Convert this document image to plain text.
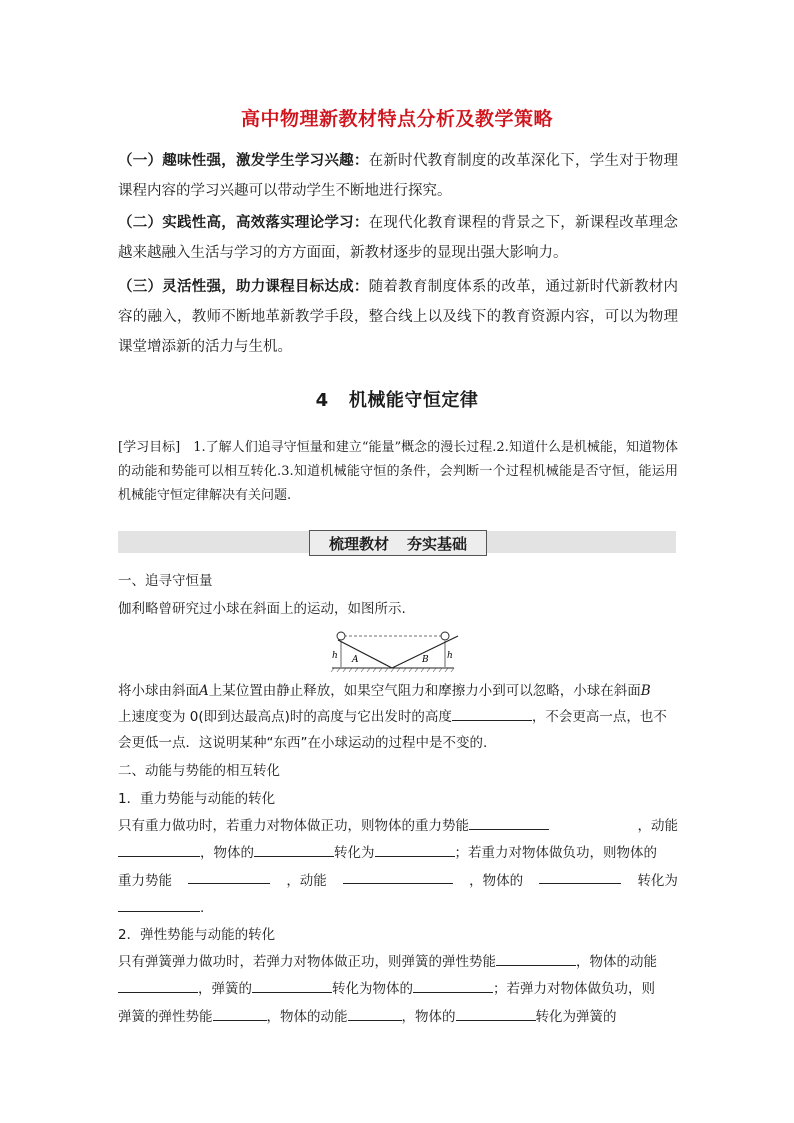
高中物理新教材特点分析及教学策略
（一）趣味性强，激发学生学习兴趣：在新时代教育制度的改革深化下，学生对于物理课程内容的学习兴趣可以带动学生不断地进行探究。
（二）实践性高，高效落实理论学习：在现代化教育课程的背景之下，新课程改革理念越来越融入生活与学习的方方面面，新教材逐步的显现出强大影响力。
（三）灵活性强，助力课程目标达成：随着教育制度体系的改革，通过新时代新教材内容的融入，教师不断地革新教学手段，整合线上以及线下的教育资源内容，可以为物理课堂增添新的活力与生机。
4 机械能守恒定律
[学习目标]　1.了解人们追寻守恒量和建立“能量”概念的漫长过程.2.知道什么是机械能，知道物体的动能和势能可以相互转化.3.知道机械能守恒的条件，会判断一个过程机械能是否守恒，能运用机械能守恒定律解决有关问题.
梳理教材 夯实基础
一、追寻守恒量
伽利略曾研究过小球在斜面上的运动，如图所示.
h	h
A	B
将小球由斜面A上某位置由静止释放，如果空气阻力和摩擦力小到可以忽略，小球在斜面B
上速度变为 0(即到达最高点)时的高度与它出发时的高度	，不会更高一点，也不
会更低一点．这说明某种“东西”在小球运动的过程中是不变的.
二、动能与势能的相互转化
1．重力势能与动能的转化
只有重力做功时，若重力对物体做正功，则物体的重力势能	，动能
，物体的	转化为	；若重力对物体做负功，则物体的
重力势能	，动能	，物体的	转化为
.
2．弹性势能与动能的转化
只有弹簧弹力做功时，若弹力对物体做正功，则弹簧的弹性势能	，物体的动能
，弹簧的	转化为物体的	；若弹力对物体做负功，则
弹簧的弹性势能	，物体的动能	，物体的	转化为弹簧的
